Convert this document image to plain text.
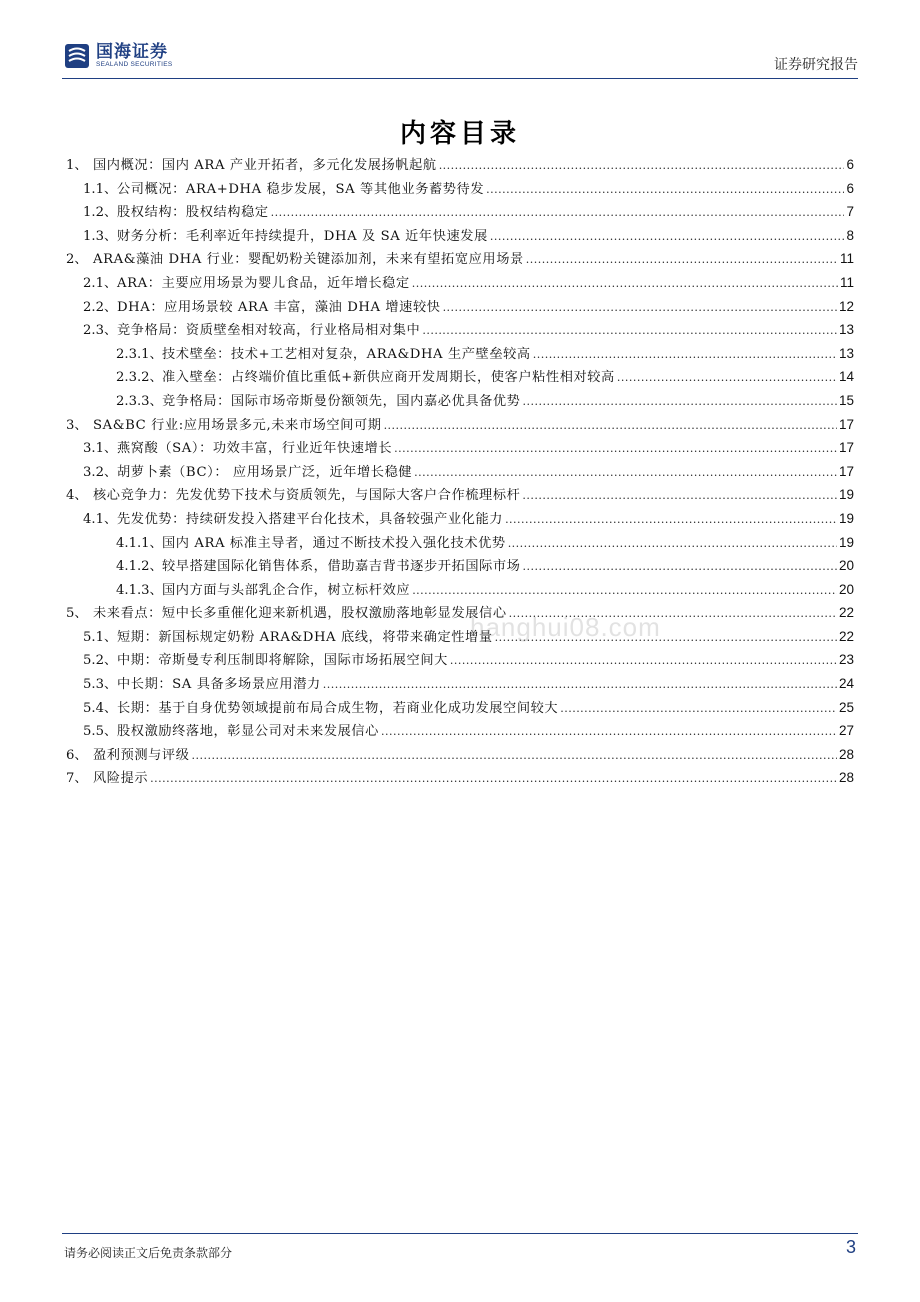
国海证券
SEALAND SECURITIES	证券研究报告
内容目录
1、 国内概况：国内 ARA 产业开拓者，多元化发展扬帆起航 .....	6
1.1、 公司概况：ARA+DHA 稳步发展，SA 等其他业务蓄势待发 .....	6
1.2、 股权结构：股权结构稳定 .....	7
1.3、 财务分析：毛利率近年持续提升，DHA 及 SA 近年快速发展 .....	8
2、 ARA&藻油 DHA 行业：婴配奶粉关键添加剂，未来有望拓宽应用场景 .....	11
2.1、 ARA：主要应用场景为婴儿食品，近年增长稳定 .....	11
2.2、 DHA：应用场景较 ARA 丰富，藻油 DHA 增速较快 .....	12
2.3、 竞争格局：资质壁垒相对较高，行业格局相对集中 .....	13
2.3.1、 技术壁垒：技术+工艺相对复杂，ARA&DHA 生产壁垒较高 .....	13
2.3.2、 准入壁垒：占终端价值比重低+新供应商开发周期长，使客户粘性相对较高 .....	14
2.3.3、 竞争格局：国际市场帝斯曼份额领先，国内嘉必优具备优势 .....	15
3、 SA&BC 行业:应用场景多元,未来市场空间可期 .....	17
3.1、 燕窝酸（SA）：功效丰富，行业近年快速增长 .....	17
3.2、 胡萝卜素（BC）： 应用场景广泛，近年增长稳健 .....	17
4、 核心竞争力：先发优势下技术与资质领先，与国际大客户合作梳理标杆 .....	19
4.1、 先发优势：持续研发投入搭建平台化技术，具备较强产业化能力 .....	19
4.1.1、 国内 ARA 标准主导者，通过不断技术投入强化技术优势 .....	19
4.1.2、 较早搭建国际化销售体系，借助嘉吉背书逐步开拓国际市场 .....	20
4.1.3、 国内方面与头部乳企合作，树立标杆效应 .....	20
5、 未来看点：短中长多重催化迎来新机遇，股权激励落地彰显发展信心 .....	22
5.1、 短期：新国标规定奶粉 ARA&DHA 底线，将带来确定性增量 .....	22
5.2、 中期：帝斯曼专利压制即将解除，国际市场拓展空间大 .....	23
5.3、 中长期：SA 具备多场景应用潜力 .....	24
5.4、 长期：基于自身优势领域提前布局合成生物，若商业化成功发展空间较大 .....	25
5.5、 股权激励终落地，彰显公司对未来发展信心 .....	27
6、 盈利预测与评级 .....	28
7、 风险提示 .....	28
hanghui08.com
请务必阅读正文后免责条款部分	3
